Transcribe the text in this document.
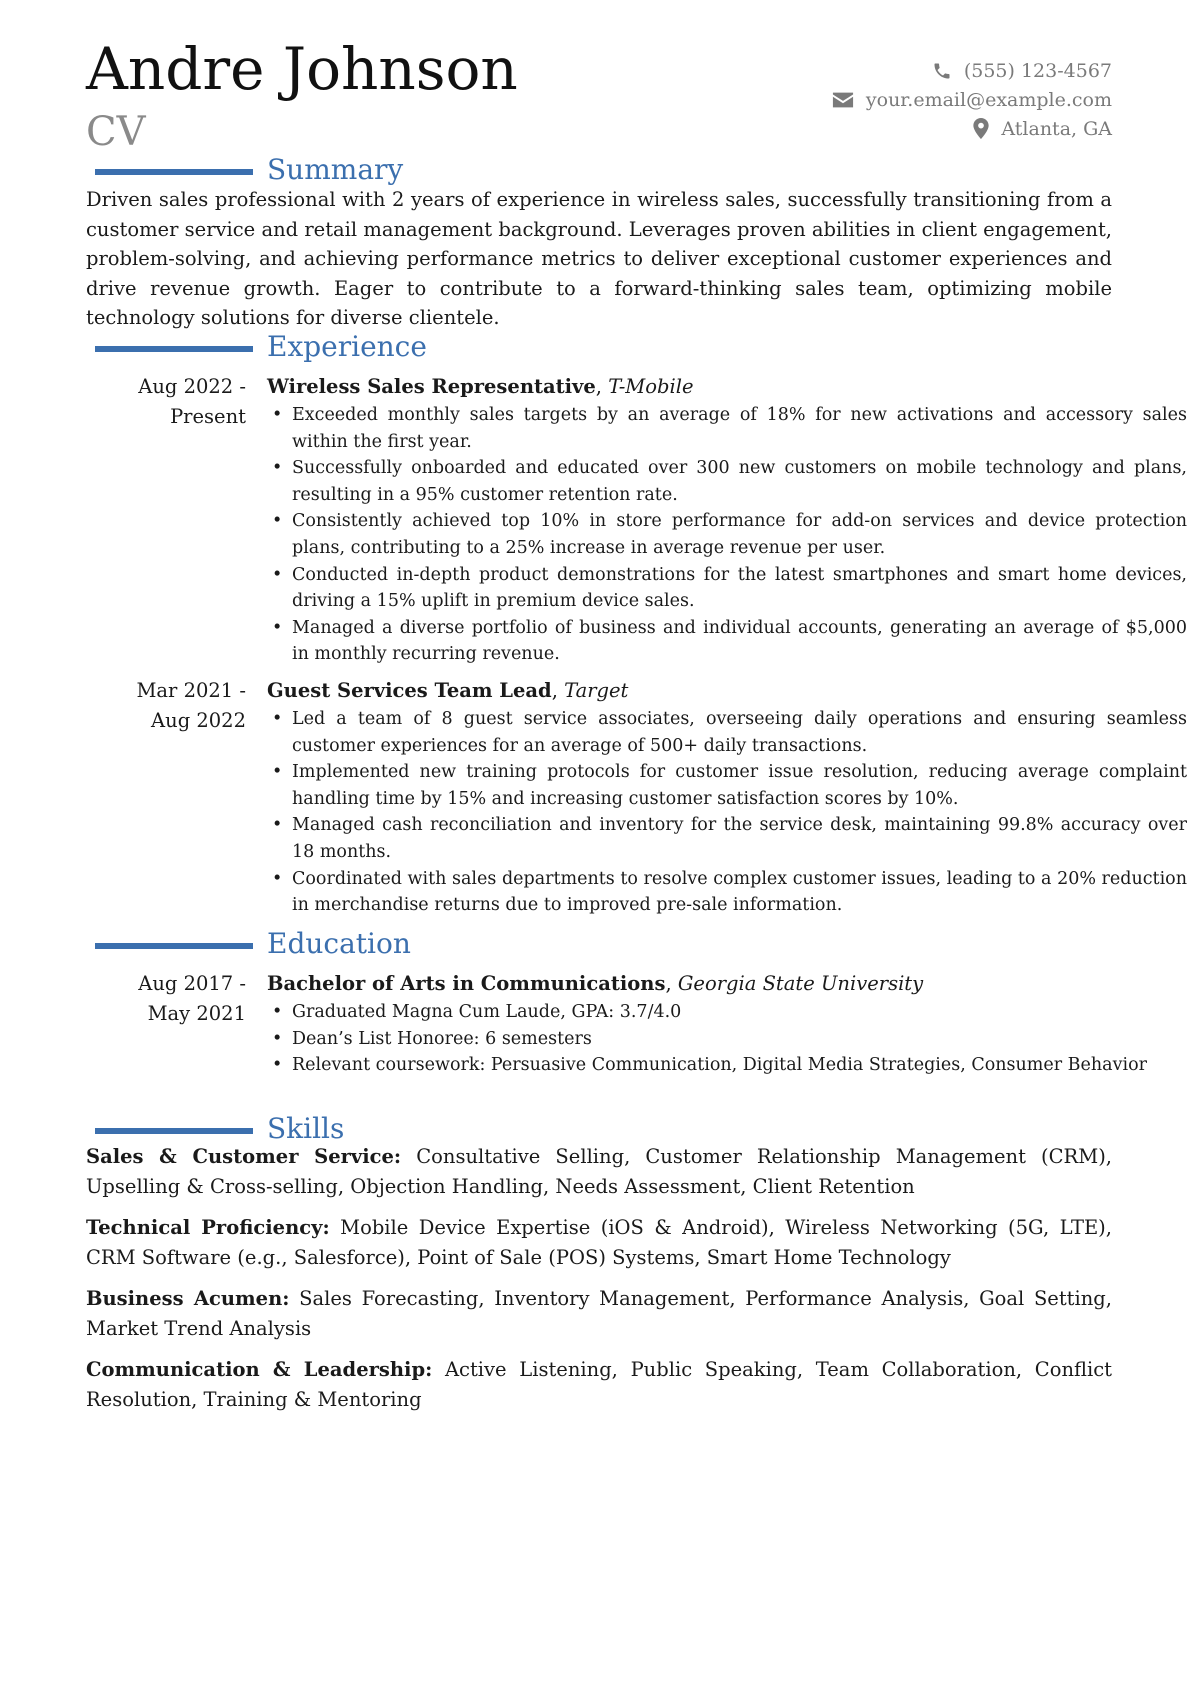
Andre Johnson
CV
(555) 123-4567
your.email@example.com
Atlanta, GA
Summary
Driven sales professional with 2 years of experience in wireless sales, successfully transitioning from a customer service and retail management background. Leverages proven abilities in client engagement, problem-solving, and achieving performance metrics to deliver exceptional customer experiences and drive revenue growth. Eager to contribute to a forward-thinking sales team, optimizing mobile technology solutions for diverse clientele.
Experience
Aug 2022 -
Present
Wireless Sales Representative, T-Mobile
• Exceeded monthly sales targets by an average of 18% for new activations and accessory sales within the first year.
• Successfully onboarded and educated over 300 new customers on mobile technology and plans, resulting in a 95% customer retention rate.
• Consistently achieved top 10% in store performance for add-on services and device protection plans, contributing to a 25% increase in average revenue per user.
• Conducted in-depth product demonstrations for the latest smartphones and smart home devices, driving a 15% uplift in premium device sales.
• Managed a diverse portfolio of business and individual accounts, generating an average of $5,000 in monthly recurring revenue.
Mar 2021 -
Aug 2022
Guest Services Team Lead, Target
• Led a team of 8 guest service associates, overseeing daily operations and ensuring seamless customer experiences for an average of 500+ daily transactions.
• Implemented new training protocols for customer issue resolution, reducing average complaint handling time by 15% and increasing customer satisfaction scores by 10%.
• Managed cash reconciliation and inventory for the service desk, maintaining 99.8% accuracy over 18 months.
• Coordinated with sales departments to resolve complex customer issues, leading to a 20% reduction in merchandise returns due to improved pre-sale information.
Education
Aug 2017 -
May 2021
Bachelor of Arts in Communications, Georgia State University
• Graduated Magna Cum Laude, GPA: 3.7/4.0
• Dean’s List Honoree: 6 semesters
• Relevant coursework: Persuasive Communication, Digital Media Strategies, Consumer Behavior
Skills
Sales & Customer Service: Consultative Selling, Customer Relationship Management (CRM), Upselling & Cross-selling, Objection Handling, Needs Assessment, Client Retention
Technical Proficiency: Mobile Device Expertise (iOS & Android), Wireless Networking (5G, LTE), CRM Software (e.g., Salesforce), Point of Sale (POS) Systems, Smart Home Technology
Business Acumen: Sales Forecasting, Inventory Management, Performance Analysis, Goal Setting, Market Trend Analysis
Communication & Leadership: Active Listening, Public Speaking, Team Collaboration, Conflict Resolution, Training & Mentoring
